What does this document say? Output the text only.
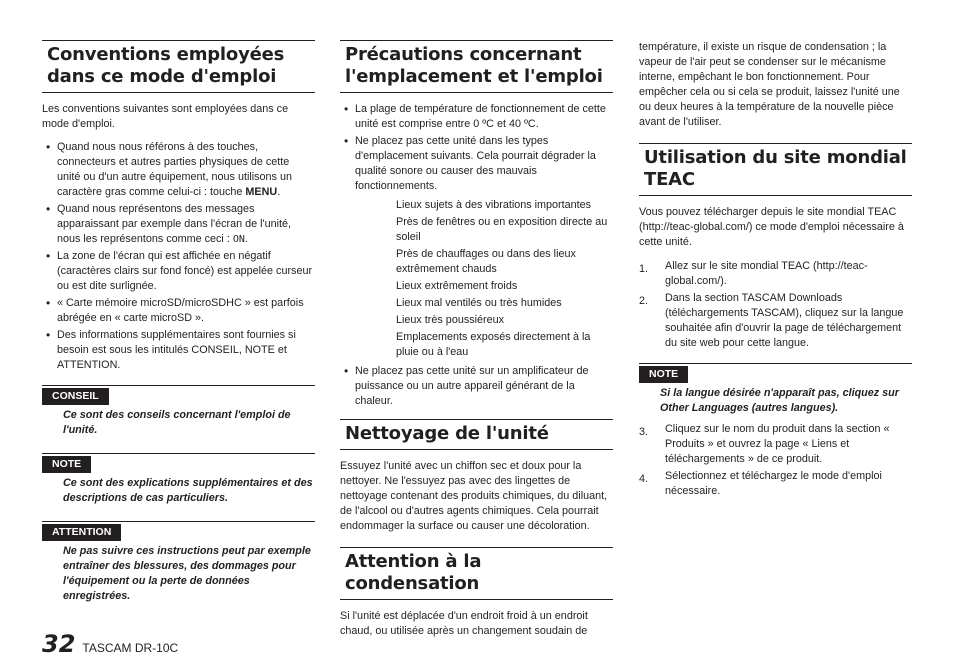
Conventions employées dans ce mode d'emploi

Les conventions suivantes sont employées dans ce mode d'emploi.

• Quand nous nous référons à des touches, connecteurs et autres parties physiques de cette unité ou d'un autre équipement, nous utilisons un caractère gras comme celui-ci : touche MENU.
• Quand nous représentons des messages apparaissant par exemple dans l'écran de l'unité, nous les représentons comme ceci : ON.
• La zone de l'écran qui est affichée en négatif (caractères clairs sur fond foncé) est appelée curseur ou est dite surlignée.
• « Carte mémoire microSD/microSDHC » est parfois abrégée en « carte microSD ».
• Des informations supplémentaires sont fournies si besoin est sous les intitulés CONSEIL, NOTE et ATTENTION.
CONSEIL

Ce sont des conseils concernant l'emploi de l'unité.

NOTE

Ce sont des explications supplémentaires et des descriptions de cas particuliers.

ATTENTION

Ne pas suivre ces instructions peut par exemple entraîner des blessures, des dommages pour l'équipement ou la perte de données enregistrées.

Précautions concernant l'emplacement et l'emploi
• La plage de température de fonctionnement de cette unité est comprise entre 0 ºC et 40 ºC.
• Ne placez pas cette unité dans les types d'emplacement suivants. Cela pourrait dégrader la qualité sonore ou causer des mauvais fonctionnements.
Lieux sujets à des vibrations importantes
Près de fenêtres ou en exposition directe au soleil
Près de chauffages ou dans des lieux extrêmement chauds
Lieux extrêmement froids
Lieux mal ventilés ou très humides
Lieux très poussiéreux
Emplacements exposés directement à la pluie ou à l'eau
• Ne placez pas cette unité sur un amplificateur de puissance ou un autre appareil générant de la chaleur.
Nettoyage de l'unité

Essuyez l'unité avec un chiffon sec et doux pour la nettoyer. Ne l'essuyez pas avec des lingettes de nettoyage contenant des produits chimiques, du diluant, de l'alcool ou d'autres agents chimiques. Cela pourrait endommager la surface ou causer une décoloration.

Attention à la condensation

Si l'unité est déplacée d'un endroit froid à un endroit chaud, ou utilisée après un changement soudain de

température, il existe un risque de condensation ; la vapeur de l'air peut se condenser sur le mécanisme interne, empêchant le bon fonctionnement. Pour empêcher cela ou si cela se produit, laissez l'unité une ou deux heures à la température de la nouvelle pièce avant de l'utiliser.

Utilisation du site mondial TEAC

Vous pouvez télécharger depuis le site mondial TEAC (http://teac-global.com/) ce mode d'emploi nécessaire à cette unité.

1. Allez sur le site mondial TEAC (http://teac-global.com/).
2. Dans la section TASCAM Downloads (téléchargements TASCAM), cliquez sur la langue souhaitée afin d'ouvrir la page de téléchargement du site web pour cette langue.
NOTE

Si la langue désirée n'apparaît pas, cliquez sur Other Languages (autres langues).

3. Cliquez sur le nom du produit dans la section « Produits » et ouvrez la page « Liens et téléchargements » de ce produit.
4. Sélectionnez et téléchargez le mode d'emploi nécessaire.
32 TASCAM DR-10C
